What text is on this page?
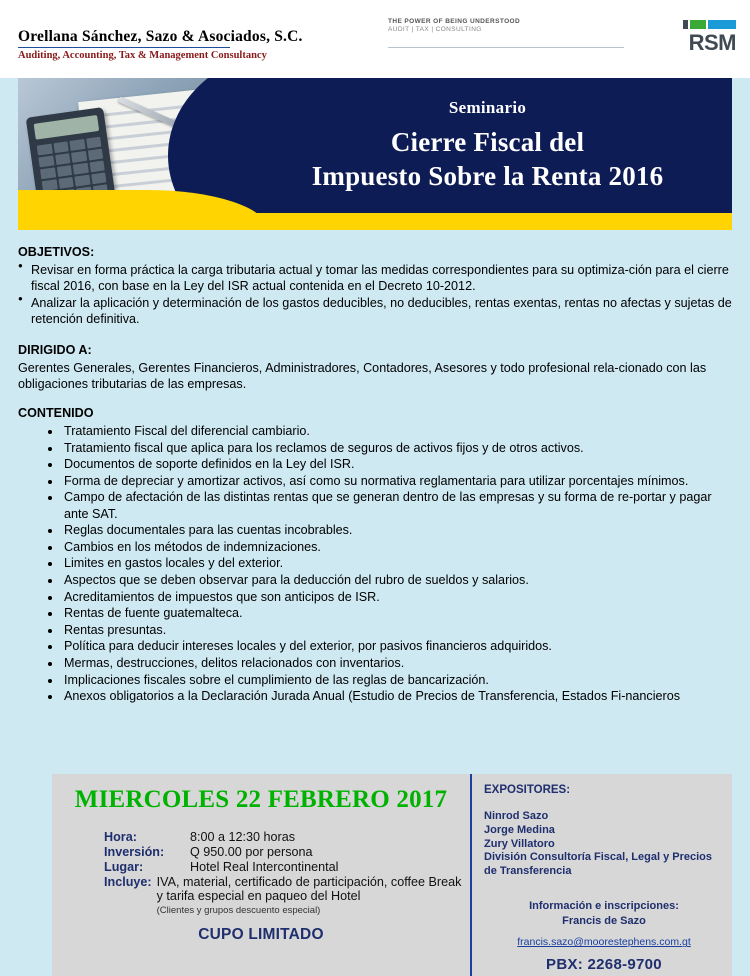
Orellana Sánchez, Sazo & Asociados, S.C.
Auditing, Accounting, Tax & Management Consultancy
THE POWER OF BEING UNDERSTOOD
AUDIT | TAX | CONSULTING
RSM
Seminario
Cierre Fiscal del
Impuesto Sobre la Renta 2016
OBJETIVOS:
● Revisar en forma práctica la carga tributaria actual y tomar las medidas correspondientes para su optimiza-ción para el cierre fiscal 2016, con base en la Ley del ISR actual contenida en el Decreto 10-2012.
● Analizar la aplicación y determinación de los gastos deducibles, no deducibles, rentas exentas, rentas no afectas y sujetas de retención definitiva.
DIRIGIDO A:

Gerentes Generales, Gerentes Financieros, Administradores, Contadores, Asesores y todo profesional rela-cionado con las obligaciones tributarias de las empresas.

CONTENIDO
• Tratamiento Fiscal del diferencial cambiario.
• Tratamiento fiscal que aplica para los reclamos de seguros de activos fijos y de otros activos.
• Documentos de soporte definidos en la Ley del ISR.
• Forma de depreciar y amortizar activos, así como su normativa reglamentaria para utilizar porcentajes mínimos.
• Campo de afectación de las distintas rentas que se generan dentro de las empresas y su forma de re-portar y pagar ante SAT.
• Reglas documentales para las cuentas incobrables.
• Cambios en los métodos de indemnizaciones.
• Limites en gastos locales y del exterior.
• Aspectos que se deben observar para la deducción del rubro de sueldos y salarios.
• Acreditamientos de impuestos que son anticipos de ISR.
• Rentas de fuente guatemalteca.
• Rentas presuntas.
• Política para deducir intereses locales y del exterior, por pasivos financieros adquiridos.
• Mermas, destrucciones, delitos relacionados con inventarios.
• Implicaciones fiscales sobre el cumplimiento de las reglas de bancarización.
• Anexos obligatorios a la Declaración Jurada Anual (Estudio de Precios de Transferencia, Estados Fi-nancieros
MIERCOLES 22 FEBRERO 2017
Hora:	8:00 a 12:30 horas
Inversión:	Q 950.00 por persona
Lugar:	Hotel Real Intercontinental
Incluye: IVA, material, certificado de participación, coffee Break y tarifa especial en paqueo del Hotel
(Clientes y grupos descuento especial)
CUPO LIMITADO
EXPOSITORES:
Ninrod Sazo
Jorge Medina
Zury Villatoro
División Consultoría Fiscal, Legal y Precios de Transferencia
Información e inscripciones:
Francis de Sazo
francis.sazo@moorestephens.com.gt
PBX: 2268-9700
